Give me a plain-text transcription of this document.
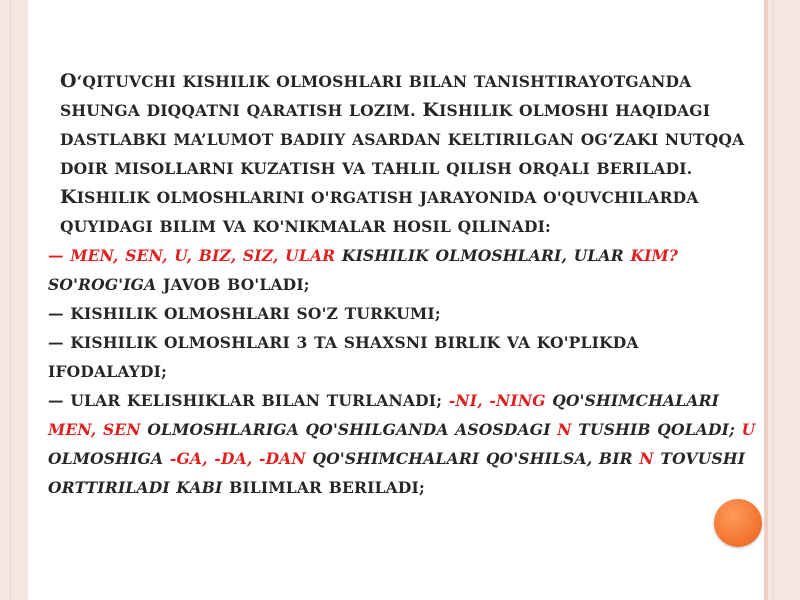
O‘QITUVCHI KISHILIK OLMOSHLARI BILAN TANISHTIRAYOTGANDA SHUNGA DIQQATNI QARATISH LOZIM. KISHILIK OLMOSHI HAQIDAGI DASTLABKI MA’LUMOT BADIIY ASARDAN KELTIRILGAN OG‘ZAKI NUTQQA DOIR MISOLLARNI KUZATISH VA TAHLIL QILISH ORQALI BERILADI.

KISHILIK OLMOSHLARINI O'RGATISH JARAYONIDA O'QUVCHILARDA QUYIDAGI BILIM VA KO'NIKMALAR HOSIL QILINADI:

— MEN, SEN, U, BIZ, SIZ, ULAR KISHILIK OLMOSHLARI, ULAR KIM? SO'ROG'IGA JAVOB BO'LADI;

— KISHILIK OLMOSHLARI SO'Z TURKUMI;

— KISHILIK OLMOSHLARI 3 TA SHAXSNI BIRLIK VA KO'PLIKDA IFODALAYDI;

— ULAR KELISHIKLAR BILAN TURLANADI; -NI, -NING QO'SHIMCHALARI MEN, SEN OLMOSHLARIGA QO'SHILGANDA ASOSDAGI N TUSHIB QOLADI; U OLMOSHIGA -GA, -DA, -DAN QO'SHIMCHALARI QO'SHILSA, BIR N TOVUSHI ORTTIRILADI KABI BILIMLAR BERILADI;
